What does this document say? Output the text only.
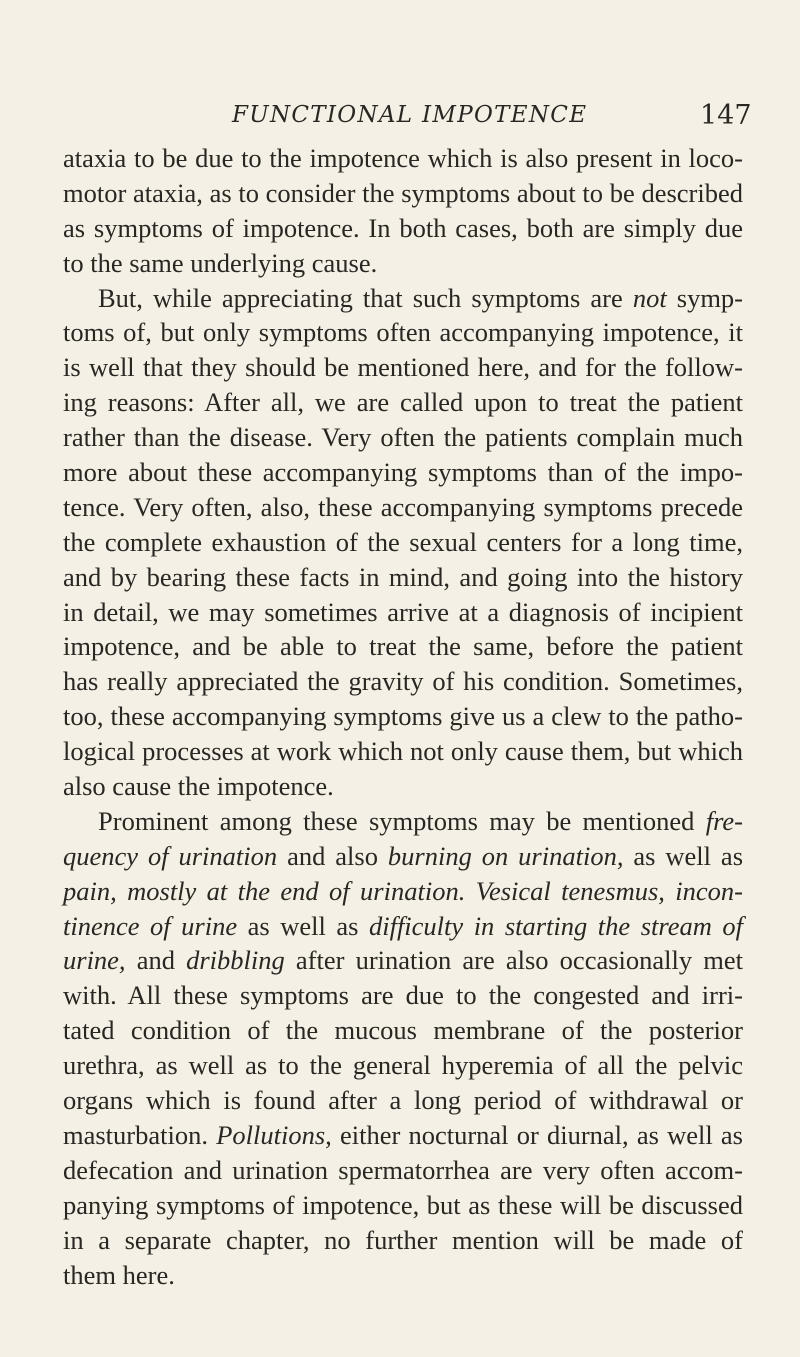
FUNCTIONAL IMPOTENCE	147
ataxia to be due to the impotence which is also present in loco-
motor ataxia, as to consider the symptoms about to be described
as symptoms of impotence. In both cases, both are simply due
to the same underlying cause.
But, while appreciating that such symptoms are not symp-
toms of, but only symptoms often accompanying impotence, it
is well that they should be mentioned here, and for the follow-
ing reasons: After all, we are called upon to treat the patient
rather than the disease. Very often the patients complain much
more about these accompanying symptoms than of the impo-
tence. Very often, also, these accompanying symptoms precede
the complete exhaustion of the sexual centers for a long time,
and by bearing these facts in mind, and going into the history
in detail, we may sometimes arrive at a diagnosis of incipient
impotence, and be able to treat the same, before the patient
has really appreciated the gravity of his condition. Sometimes,
too, these accompanying symptoms give us a clew to the patho-
logical processes at work which not only cause them, but which
also cause the impotence.
Prominent among these symptoms may be mentioned fre-
quency of urination and also burning on urination, as well as
pain, mostly at the end of urination. Vesical tenesmus, incon-
tinence of urine as well as difficulty in starting the stream of
urine, and dribbling after urination are also occasionally met
with. All these symptoms are due to the congested and irri-
tated condition of the mucous membrane of the posterior
urethra, as well as to the general hyperemia of all the pelvic
organs which is found after a long period of withdrawal or
masturbation. Pollutions, either nocturnal or diurnal, as well as
defecation and urination spermatorrhea are very often accom-
panying symptoms of impotence, but as these will be discussed
in a separate chapter, no further mention will be made of
them here.
